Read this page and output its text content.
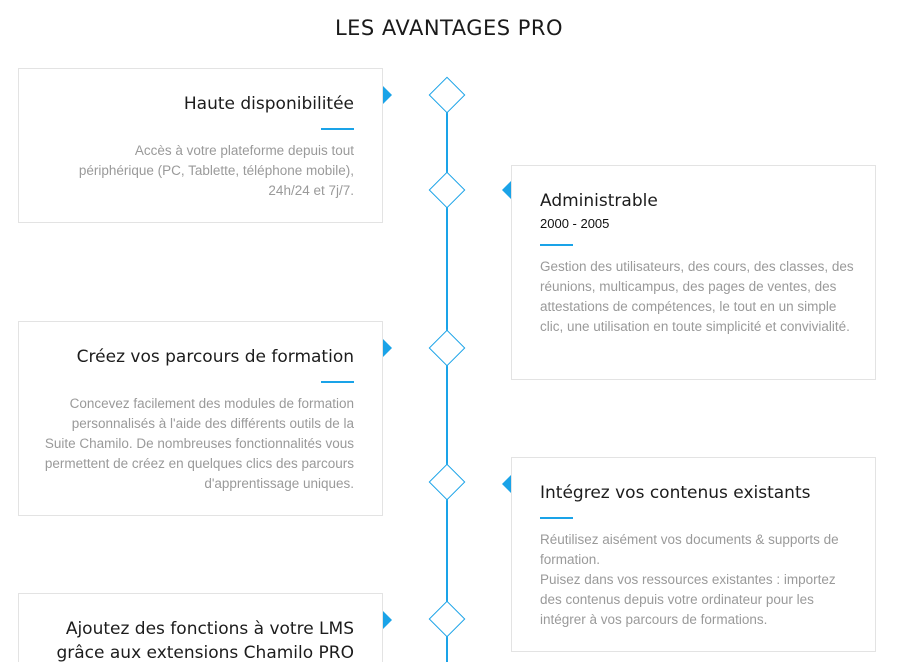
LES AVANTAGES PRO
Haute disponibilitée
Accès à votre plateforme depuis tout périphérique (PC, Tablette, téléphone mobile), 24h/24 et 7j/7.
Administrable
2000 - 2005
Gestion des utilisateurs, des cours, des classes, des réunions, multicampus, des pages de ventes, des attestations de compétences, le tout en un simple clic, une utilisation en toute simplicité et convivialité.
Créez vos parcours de formation
Concevez facilement des modules de formation personnalisés à l'aide des différents outils de la Suite Chamilo. De nombreuses fonctionnalités vous permettent de créez en quelques clics des parcours d'apprentissage uniques.	Intégrez vos contenus existants
Réutilisez aisément vos documents & supports de formation.
Puisez dans vos ressources existantes : importez des contenus depuis votre ordinateur pour les intégrer à vos parcours de formations.
Ajoutez des fonctions à votre LMS grâce aux extensions Chamilo PRO
